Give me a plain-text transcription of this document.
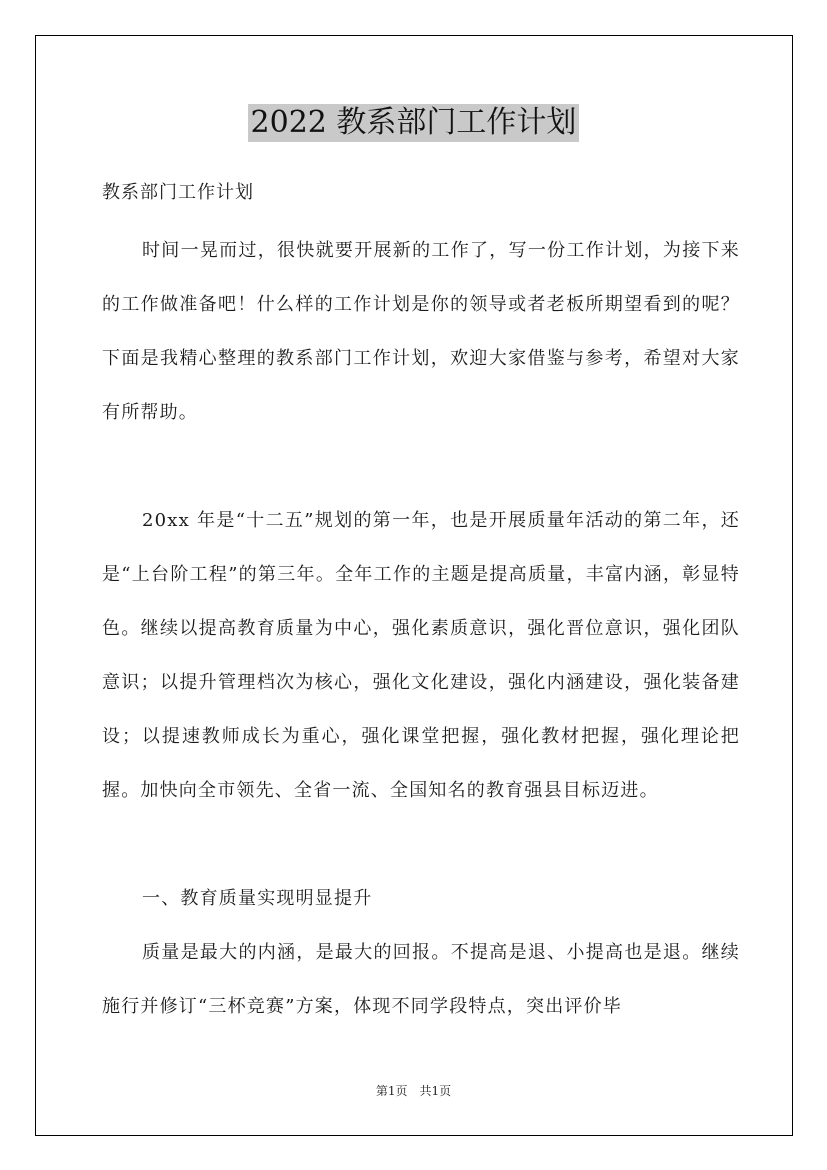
2022 教系部门工作计划
教系部门工作计划

时间一晃而过，很快就要开展新的工作了，写一份工作计划，为接下来的工作做准备吧！什么样的工作计划是你的领导或者老板所期望看到的呢？下面是我精心整理的教系部门工作计划，欢迎大家借鉴与参考，希望对大家有所帮助。

20xx 年是“十二五”规划的第一年，也是开展质量年活动的第二年，还是“上台阶工程”的第三年。全年工作的主题是提高质量，丰富内涵，彰显特色。继续以提高教育质量为中心，强化素质意识，强化晋位意识，强化团队意识；以提升管理档次为核心，强化文化建设，强化内涵建设，强化装备建设；以提速教师成长为重心，强化课堂把握，强化教材把握，强化理论把握。加快向全市领先、全省一流、全国知名的教育强县目标迈进。

一、教育质量实现明显提升

质量是最大的内涵，是最大的回报。不提高是退、小提高也是退。继续施行并修订“三杯竞赛”方案，体现不同学段特点，突出评价毕

第1页　共1页
